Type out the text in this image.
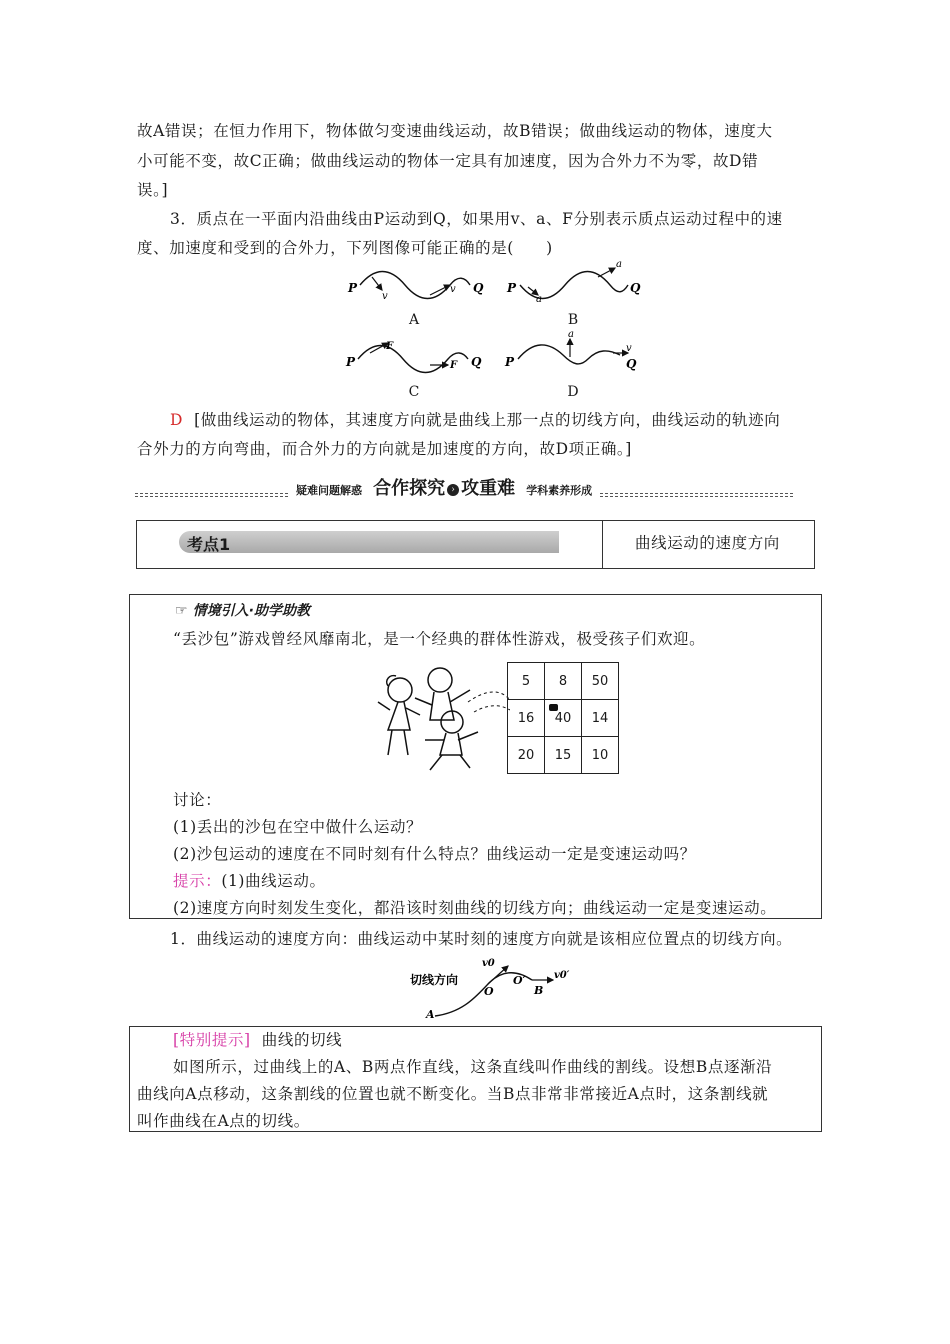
故A错误；在恒力作用下，物体做匀变速曲线运动，故B错误；做曲线运动的物体，速度大
小可能不变，故C正确；做曲线运动的物体一定具有加速度，因为合外力不为零，故D错
误。]
3．质点在一平面内沿曲线由P运动到Q，如果用v、a、F分别表示质点运动过程中的速
度、加速度和受到的合外力，下列图像可能正确的是(　　)
P	Q
v
v	P	Q
a
a
P	Q
F
F	P	Q
a
v
A	B
C	D
D [做曲线运动的物体，其速度方向就是曲线上那一点的切线方向，曲线运动的轨迹向
合外力的方向弯曲，而合外力的方向就是加速度的方向，故D项正确。]
疑难问题解惑 合作探究 › 攻重难 学科素养形成
考点1	曲线运动的速度方向
☞ 情境引入·助学助教
“丢沙包”游戏曾经风靡南北，是一个经典的群体性游戏，极受孩子们欢迎。
5	8	50
16	40	14
20	15	10
讨论：
(1)丢出的沙包在空中做什么运动？
(2)沙包运动的速度在不同时刻有什么特点？曲线运动一定是变速运动吗？
提示：(1)曲线运动。
(2)速度方向时刻发生变化，都沿该时刻曲线的切线方向；曲线运动一定是变速运动。
1．曲线运动的速度方向：曲线运动中某时刻的速度方向就是该相应位置点的切线方向。
v0
v0′
O
O′
B
A
切线方向
[特别提示] 曲线的切线
如图所示，过曲线上的A、B两点作直线，这条直线叫作曲线的割线。设想B点逐渐沿
曲线向A点移动，这条割线的位置也就不断变化。当B点非常非常接近A点时，这条割线就
叫作曲线在A点的切线。
